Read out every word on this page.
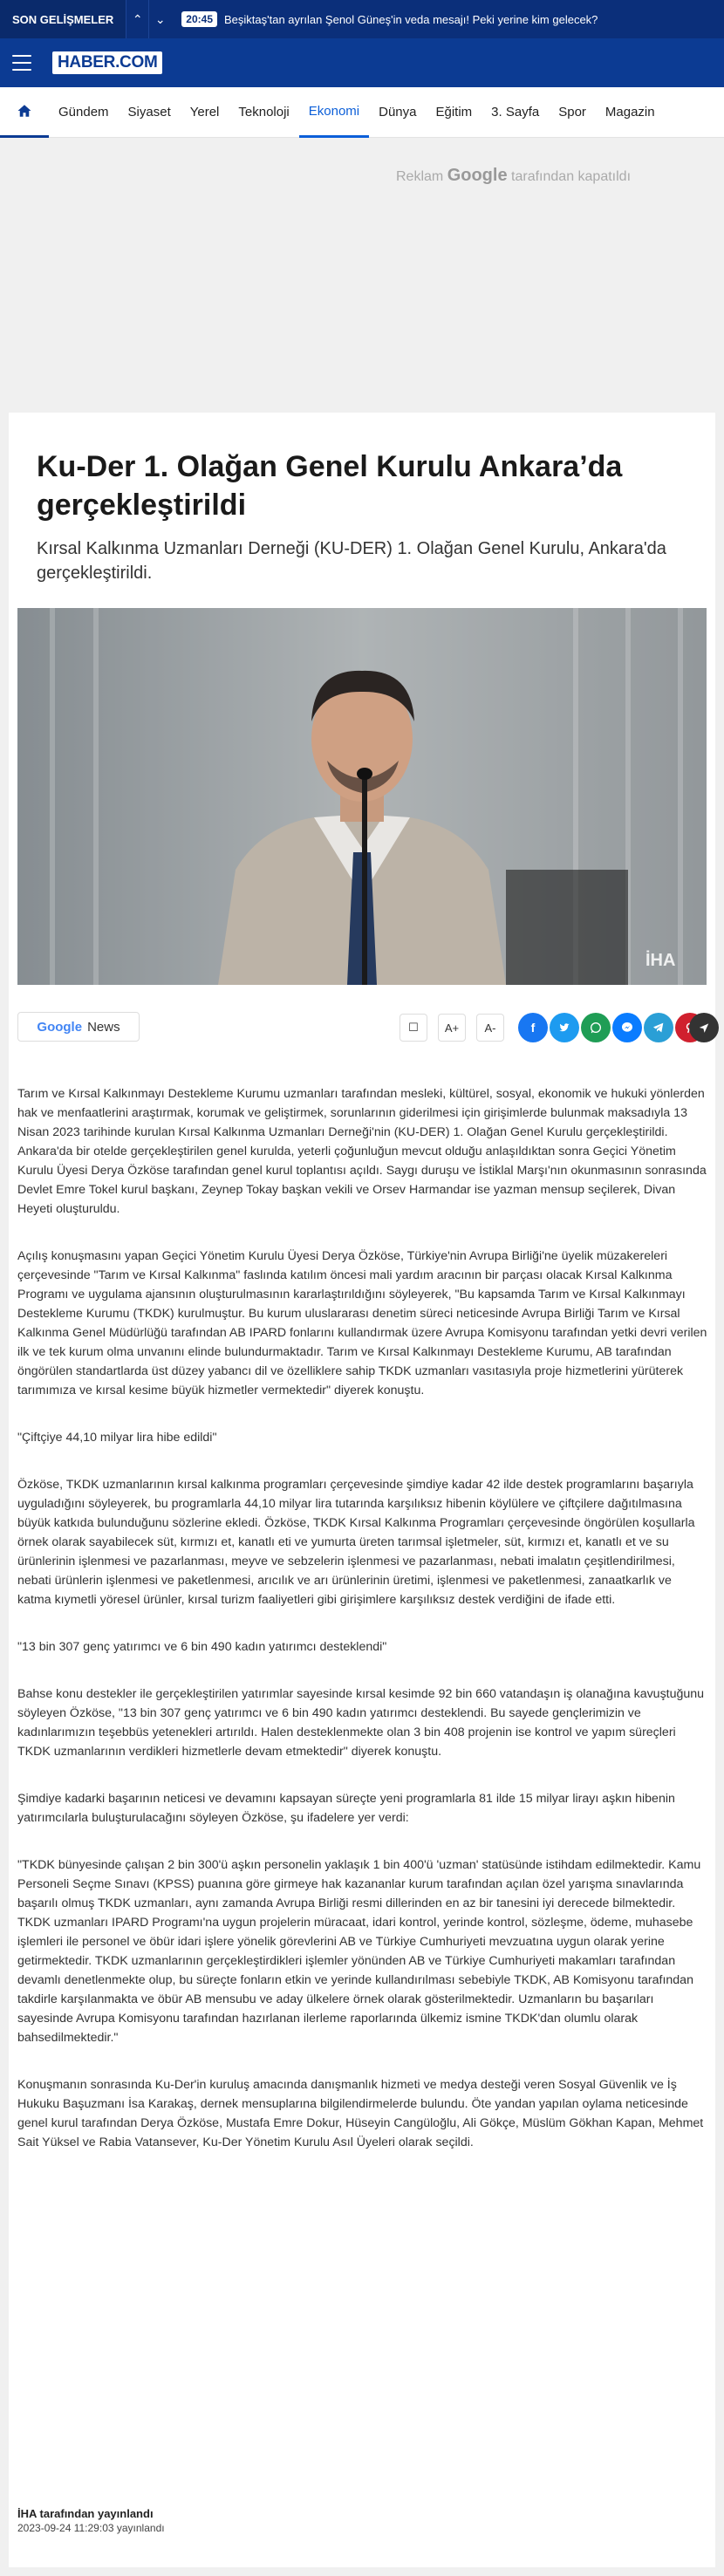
SON GELİŞMELER	⌃ ⌄	20:45	Beşiktaş'tan ayrılan Şenol Güneş'in veda mesajı! Peki yerine kim gelecek?
HABER.COM
Gündem	Siyaset	Yerel	Teknoloji	Ekonomi	Dünya	Eğitim	3. Sayfa	Spor	Magazin
Reklam Google tarafından kapatıldı
Ku-Der 1. Olağan Genel Kurulu Ankara’da gerçekleştirildi
Kırsal Kalkınma Uzmanları Derneği (KU-DER) 1. Olağan Genel Kurulu, Ankara'da gerçekleştirildi.
İHA
Google News	☐	A+	A-	f

Tarım ve Kırsal Kalkınmayı Destekleme Kurumu uzmanları tarafından mesleki, kültürel, sosyal, ekonomik ve hukuki yönlerden hak ve menfaatlerini araştırmak, korumak ve geliştirmek, sorunlarının giderilmesi için girişimlerde bulunmak maksadıyla 13 Nisan 2023 tarihinde kurulan Kırsal Kalkınma Uzmanları Derneği'nin (KU-DER) 1. Olağan Genel Kurulu gerçekleştirildi. Ankara'da bir otelde gerçekleştirilen genel kurulda, yeterli çoğunluğun mevcut olduğu anlaşıldıktan sonra Geçici Yönetim Kurulu Üyesi Derya Özköse tarafından genel kurul toplantısı açıldı. Saygı duruşu ve İstiklal Marşı'nın okunmasının sonrasında Devlet Emre Tokel kurul başkanı, Zeynep Tokay başkan vekili ve Orsev Harmandar ise yazman mensup seçilerek, Divan Heyeti oluşturuldu.

Açılış konuşmasını yapan Geçici Yönetim Kurulu Üyesi Derya Özköse, Türkiye'nin Avrupa Birliği'ne üyelik müzakereleri çerçevesinde "Tarım ve Kırsal Kalkınma" faslında katılım öncesi mali yardım aracının bir parçası olacak Kırsal Kalkınma Programı ve uygulama ajansının oluşturulmasının kararlaştırıldığını söyleyerek, "Bu kapsamda Tarım ve Kırsal Kalkınmayı Destekleme Kurumu (TKDK) kurulmuştur. Bu kurum uluslararası denetim süreci neticesinde Avrupa Birliği Tarım ve Kırsal Kalkınma Genel Müdürlüğü tarafından AB IPARD fonlarını kullandırmak üzere Avrupa Komisyonu tarafından yetki devri verilen ilk ve tek kurum olma unvanını elinde bulundurmaktadır. Tarım ve Kırsal Kalkınmayı Destekleme Kurumu, AB tarafından öngörülen standartlarda üst düzey yabancı dil ve özelliklere sahip TKDK uzmanları vasıtasıyla proje hizmetlerini yürüterek tarımımıza ve kırsal kesime büyük hizmetler vermektedir" diyerek konuştu.

"Çiftçiye 44,10 milyar lira hibe edildi"

Özköse, TKDK uzmanlarının kırsal kalkınma programları çerçevesinde şimdiye kadar 42 ilde destek programlarını başarıyla uyguladığını söyleyerek, bu programlarla 44,10 milyar lira tutarında karşılıksız hibenin köylülere ve çiftçilere dağıtılmasına büyük katkıda bulunduğunu sözlerine ekledi. Özköse, TKDK Kırsal Kalkınma Programları çerçevesinde öngörülen koşullarla örnek olarak sayabilecek süt, kırmızı et, kanatlı eti ve yumurta üreten tarımsal işletmeler, süt, kırmızı et, kanatlı et ve su ürünlerinin işlenmesi ve pazarlanması, meyve ve sebzelerin işlenmesi ve pazarlanması, nebati imalatın çeşitlendirilmesi, nebati ürünlerin işlenmesi ve paketlenmesi, arıcılık ve arı ürünlerinin üretimi, işlenmesi ve paketlenmesi, zanaatkarlık ve katma kıymetli yöresel ürünler, kırsal turizm faaliyetleri gibi girişimlere karşılıksız destek verdiğini de ifade etti.

"13 bin 307 genç yatırımcı ve 6 bin 490 kadın yatırımcı desteklendi"

Bahse konu destekler ile gerçekleştirilen yatırımlar sayesinde kırsal kesimde 92 bin 660 vatandaşın iş olanağına kavuştuğunu söyleyen Özköse, "13 bin 307 genç yatırımcı ve 6 bin 490 kadın yatırımcı desteklendi. Bu sayede gençlerimizin ve kadınlarımızın teşebbüs yetenekleri artırıldı. Halen desteklenmekte olan 3 bin 408 projenin ise kontrol ve yapım süreçleri TKDK uzmanlarının verdikleri hizmetlerle devam etmektedir" diyerek konuştu.

Şimdiye kadarki başarının neticesi ve devamını kapsayan süreçte yeni programlarla 81 ilde 15 milyar lirayı aşkın hibenin yatırımcılarla buluşturulacağını söyleyen Özköse, şu ifadelere yer verdi:

"TKDK bünyesinde çalışan 2 bin 300'ü aşkın personelin yaklaşık 1 bin 400'ü 'uzman' statüsünde istihdam edilmektedir. Kamu Personeli Seçme Sınavı (KPSS) puanına göre girmeye hak kazananlar kurum tarafından açılan özel yarışma sınavlarında başarılı olmuş TKDK uzmanları, aynı zamanda Avrupa Birliği resmi dillerinden en az bir tanesini iyi derecede bilmektedir. TKDK uzmanları IPARD Programı'na uygun projelerin müracaat, idari kontrol, yerinde kontrol, sözleşme, ödeme, muhasebe işlemleri ile personel ve öbür idari işlere yönelik görevlerini AB ve Türkiye Cumhuriyeti mevzuatına uygun olarak yerine getirmektedir. TKDK uzmanlarının gerçekleştirdikleri işlemler yönünden AB ve Türkiye Cumhuriyeti makamları tarafından devamlı denetlenmekte olup, bu süreçte fonların etkin ve yerinde kullandırılması sebebiyle TKDK, AB Komisyonu tarafından takdirle karşılanmakta ve öbür AB mensubu ve aday ülkelere örnek olarak gösterilmektedir. Uzmanların bu başarıları sayesinde Avrupa Komisyonu tarafından hazırlanan ilerleme raporlarında ülkemiz ismine TKDK'dan olumlu olarak bahsedilmektedir."

Konuşmanın sonrasında Ku-Der'in kuruluş amacında danışmanlık hizmeti ve medya desteği veren Sosyal Güvenlik ve İş Hukuku Başuzmanı İsa Karakaş, dernek mensuplarına bilgilendirmelerde bulundu. Öte yandan yapılan oylama neticesinde genel kurul tarafından Derya Özköse, Mustafa Emre Dokur, Hüseyin Cangüloğlu, Ali Gökçe, Müslüm Gökhan Kapan, Mehmet Sait Yüksel ve Rabia Vatansever, Ku-Der Yönetim Kurulu Asıl Üyeleri olarak seçildi.

İHA tarafından yayınlandı
2023-09-24 11:29:03 yayınlandı
